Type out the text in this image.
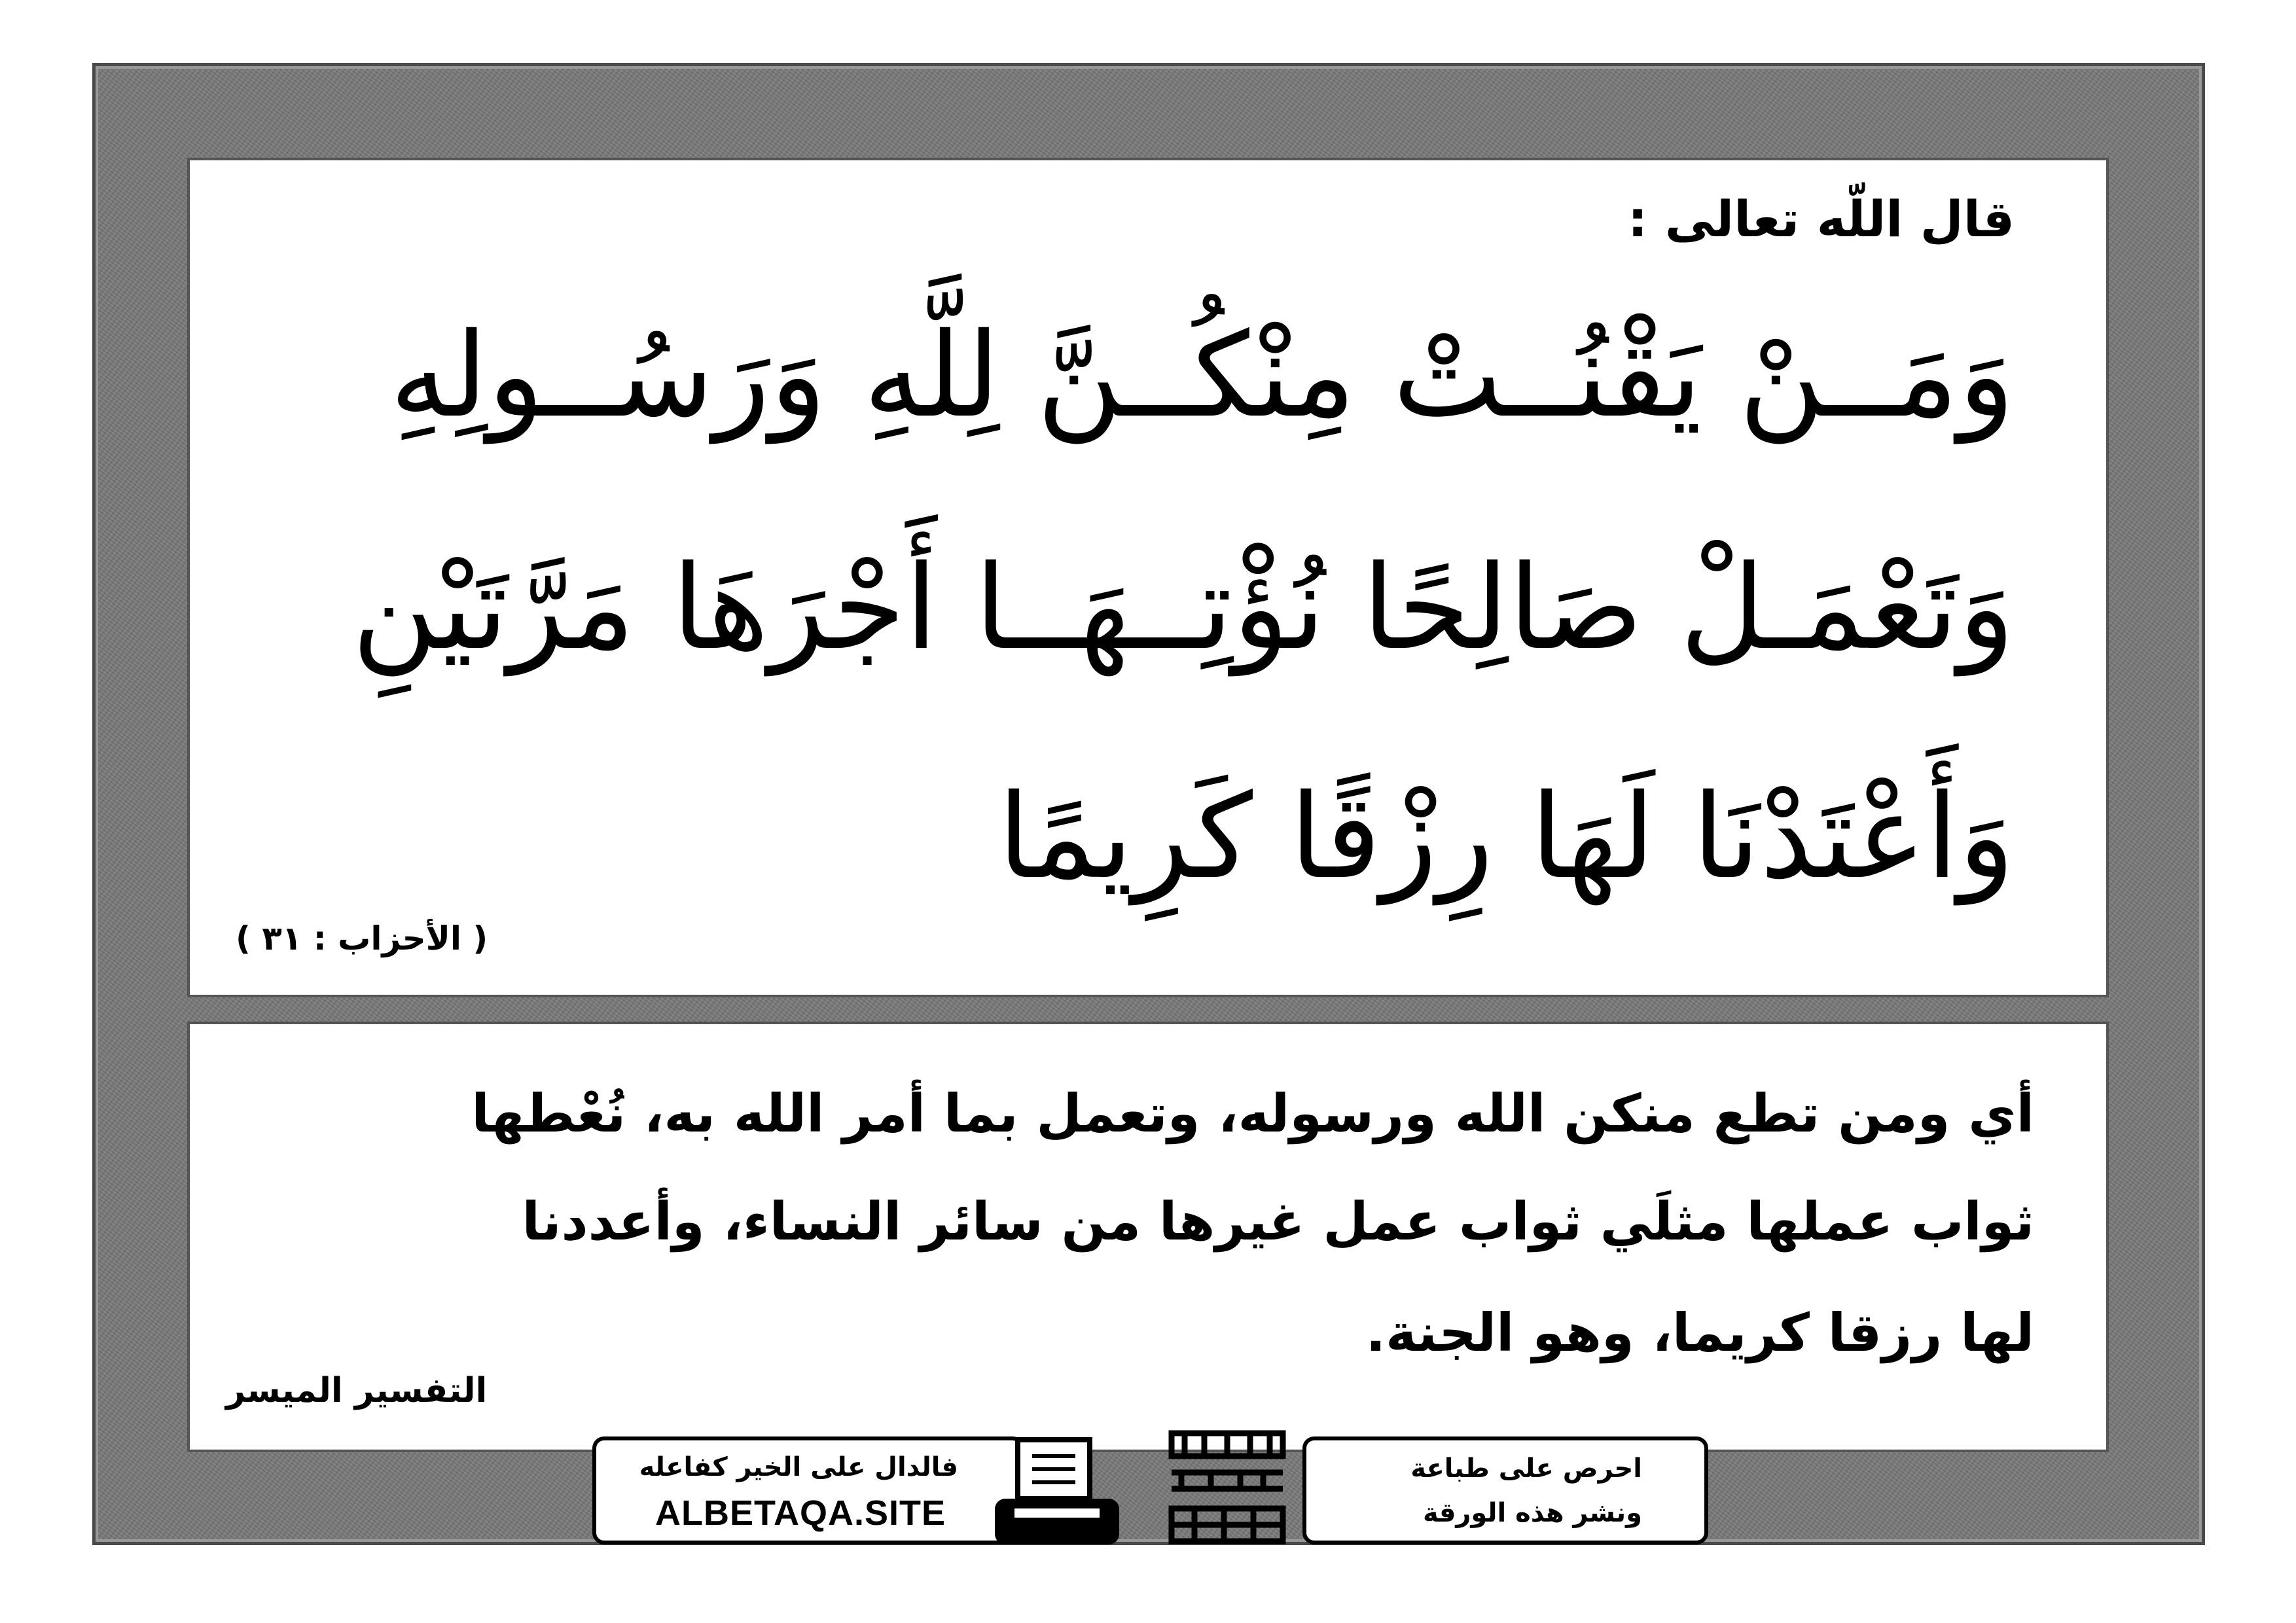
قال اللّه تعالى :
وَمَــنْ يَقْنُــتْ مِنْكُــنَّ لِلَّهِ وَرَسُــولِهِ
وَتَعْمَـلْ صَالِحًا نُؤْتِــهَــا أَجْرَهَا مَرَّتَيْنِ
وَأَعْتَدْنَا لَهَا رِزْقًا كَرِيمًا
( الأحزاب : ٣١ )
أي ومن تطع منكن الله ورسوله، وتعمل بما أمر الله به، نُعْطها
ثواب عملها مثلَي ثواب عمل غيرها من سائر النساء، وأعددنا
لها رزقا كريما، وهو الجنة.
التفسير الميسر
فالدال على الخير كفاعله
ALBETAQA.SITE
احرص على طباعة
ونشر هذه الورقة
